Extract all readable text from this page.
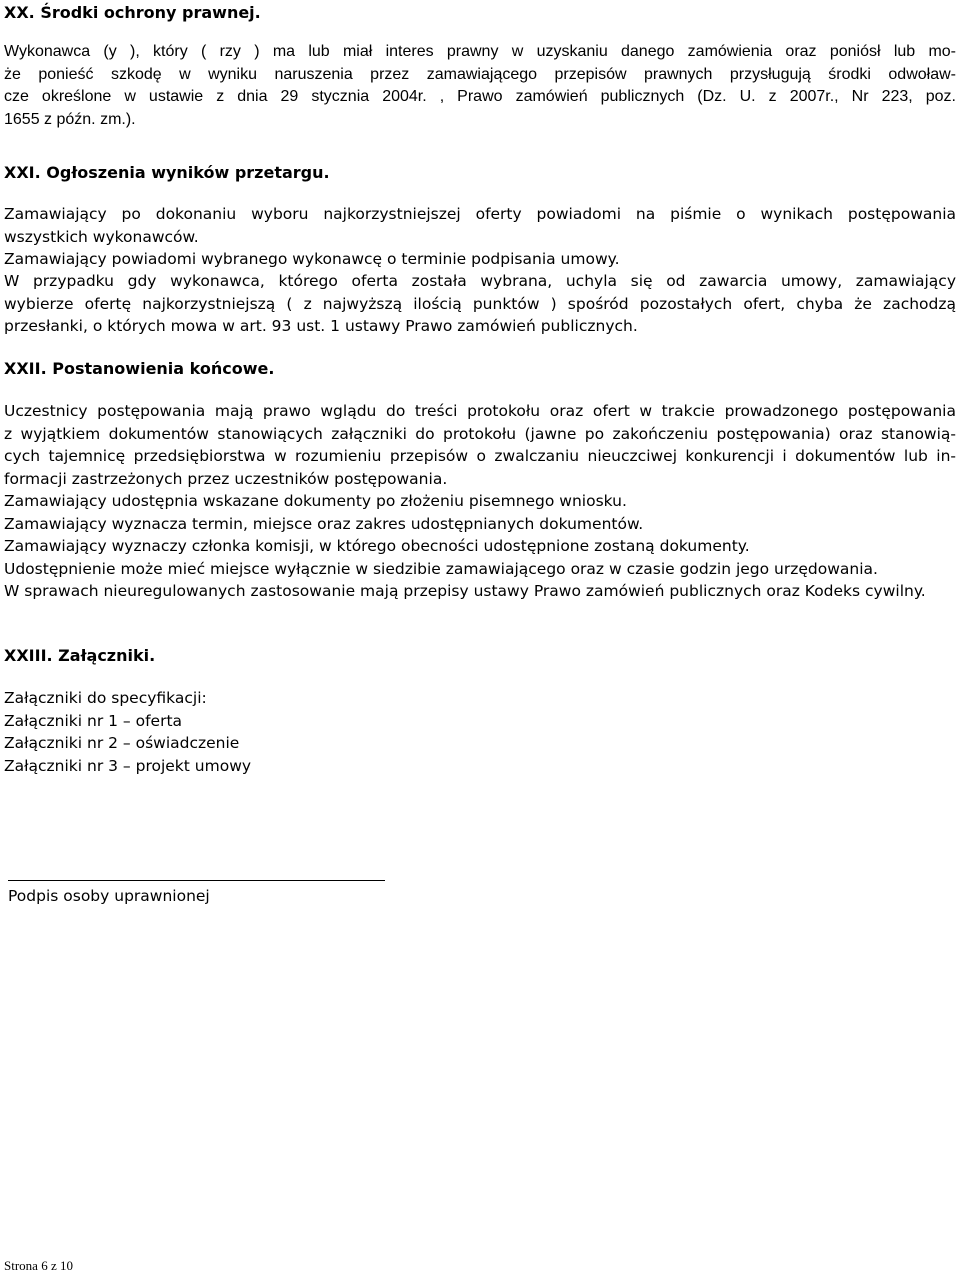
XX. Środki ochrony prawnej.
Wykonawca (y ), który ( rzy ) ma lub miał interes prawny w uzyskaniu danego zamówienia oraz poniósł lub mo-
że ponieść szkodę w wyniku naruszenia przez zamawiającego przepisów prawnych przysługują środki odwoław-
cze określone w ustawie z dnia 29 stycznia 2004r. , Prawo zamówień publicznych (Dz. U. z 2007r., Nr 223, poz.
1655 z późn. zm.).
XXI. Ogłoszenia wyników przetargu.
Zamawiający po dokonaniu wyboru najkorzystniejszej oferty powiadomi na piśmie o wynikach postępowania
wszystkich wykonawców.
Zamawiający powiadomi wybranego wykonawcę o terminie podpisania umowy.
W przypadku gdy wykonawca, którego oferta została wybrana, uchyla się od zawarcia umowy, zamawiający
wybierze ofertę najkorzystniejszą ( z najwyższą ilością punktów ) spośród pozostałych ofert, chyba że zachodzą
przesłanki, o których mowa w art. 93 ust. 1 ustawy Prawo zamówień publicznych.
XXII. Postanowienia końcowe.
Uczestnicy postępowania mają prawo wglądu do treści protokołu oraz ofert w trakcie prowadzonego postępowania
z wyjątkiem dokumentów stanowiących załączniki do protokołu (jawne po zakończeniu postępowania) oraz stanowią-
cych tajemnicę przedsiębiorstwa w rozumieniu przepisów o zwalczaniu nieuczciwej konkurencji i dokumentów lub in-
formacji zastrzeżonych przez uczestników postępowania.
Zamawiający udostępnia wskazane dokumenty po złożeniu pisemnego wniosku.
Zamawiający wyznacza termin, miejsce oraz zakres udostępnianych dokumentów.
Zamawiający wyznaczy członka komisji, w którego obecności udostępnione zostaną dokumenty.
Udostępnienie może mieć miejsce wyłącznie w siedzibie zamawiającego oraz w czasie godzin jego urzędowania.
W sprawach nieuregulowanych zastosowanie mają przepisy ustawy Prawo zamówień publicznych oraz Kodeks cywilny.
XXIII. Załączniki.
Załączniki do specyfikacji:
Załączniki nr 1 – oferta
Załączniki nr 2 – oświadczenie
Załączniki nr 3 – projekt umowy
Podpis osoby uprawnionej
Strona 6 z 10
